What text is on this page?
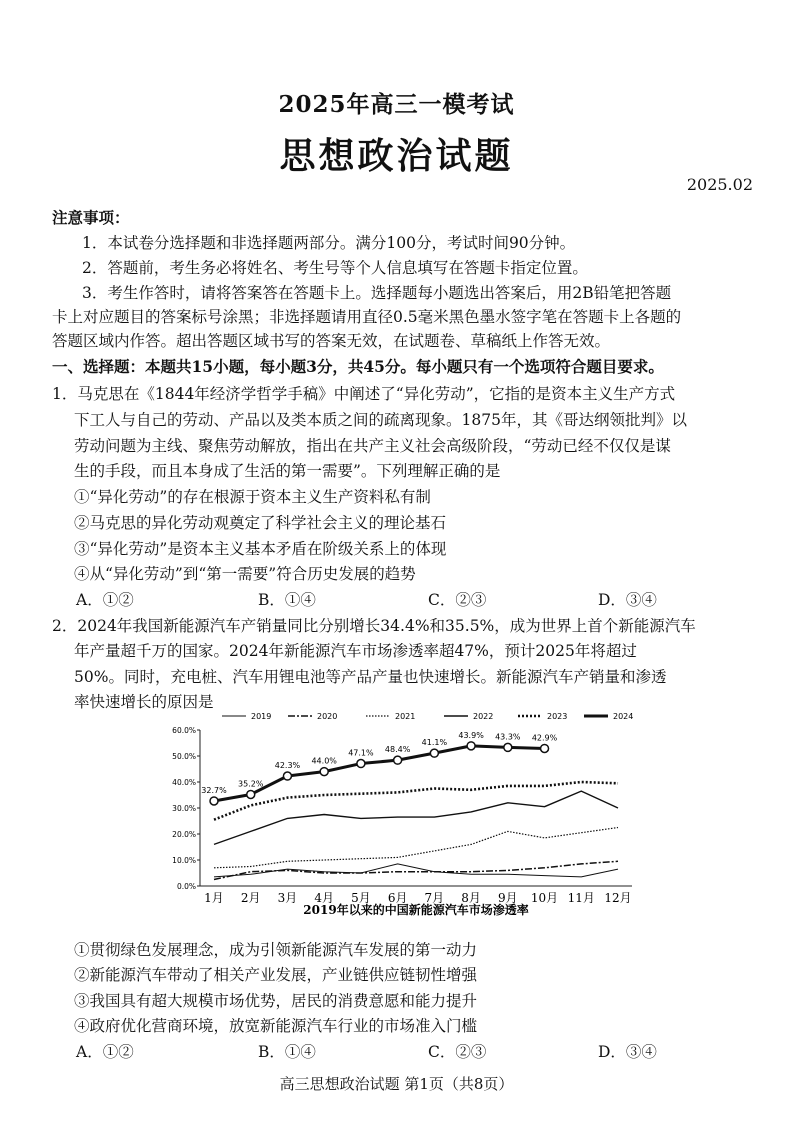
2025年高三一模考试
思想政治试题
2025.02
注意事项：
1．本试卷分选择题和非选择题两部分。满分100分，考试时间90分钟。
2．答题前，考生务必将姓名、考生号等个人信息填写在答题卡指定位置。
3．考生作答时，请将答案答在答题卡上。选择题每小题选出答案后，用2B铅笔把答题
卡上对应题目的答案标号涂黑；非选择题请用直径0.5毫米黑色墨水签字笔在答题卡上各题的
答题区域内作答。超出答题区域书写的答案无效，在试题卷、草稿纸上作答无效。
一、选择题：本题共15小题，每小题3分，共45分。每小题只有一个选项符合题目要求。
1．马克思在《1844年经济学哲学手稿》中阐述了“异化劳动”，它指的是资本主义生产方式
下工人与自己的劳动、产品以及类本质之间的疏离现象。1875年，其《哥达纲领批判》以
劳动问题为主线、聚焦劳动解放，指出在共产主义社会高级阶段，“劳动已经不仅仅是谋
生的手段，而且本身成了生活的第一需要”。下列理解正确的是
①“异化劳动”的存在根源于资本主义生产资料私有制
②马克思的异化劳动观奠定了科学社会主义的理论基石
③“异化劳动”是资本主义基本矛盾在阶级关系上的体现
④从“异化劳动”到“第一需要”符合历史发展的趋势
A．①②	B．①④	C．②③	D．③④
2．2024年我国新能源汽车产销量同比分别增长34.4%和35.5%，成为世界上首个新能源汽车
年产量超千万的国家。2024年新能源汽车市场渗透率超47%，预计2025年将超过
50%。同时，充电桩、汽车用锂电池等产品产量也快速增长。新能源汽车产销量和渗透
率快速增长的原因是
0.0%
10.0%
20.0%
30.0%
40.0%
50.0%
60.0%
1月 2月 3月 4月 5月 6月 7月 8月 9月 10月 11月 12月
2019	2020	2021	2022	2023	2024
32.7%
35.2%
42.3% 44.0%
47.1% 48.4%
41.1%
43.9% 43.3% 42.9%
2019年以来的中国新能源汽车市场渗透率
①贯彻绿色发展理念，成为引领新能源汽车发展的第一动力
②新能源汽车带动了相关产业发展，产业链供应链韧性增强
③我国具有超大规模市场优势，居民的消费意愿和能力提升
④政府优化营商环境，放宽新能源汽车行业的市场准入门槛
A．①②	B．①④	C．②③	D．③④
高三思想政治试题 第1页（共8页）
